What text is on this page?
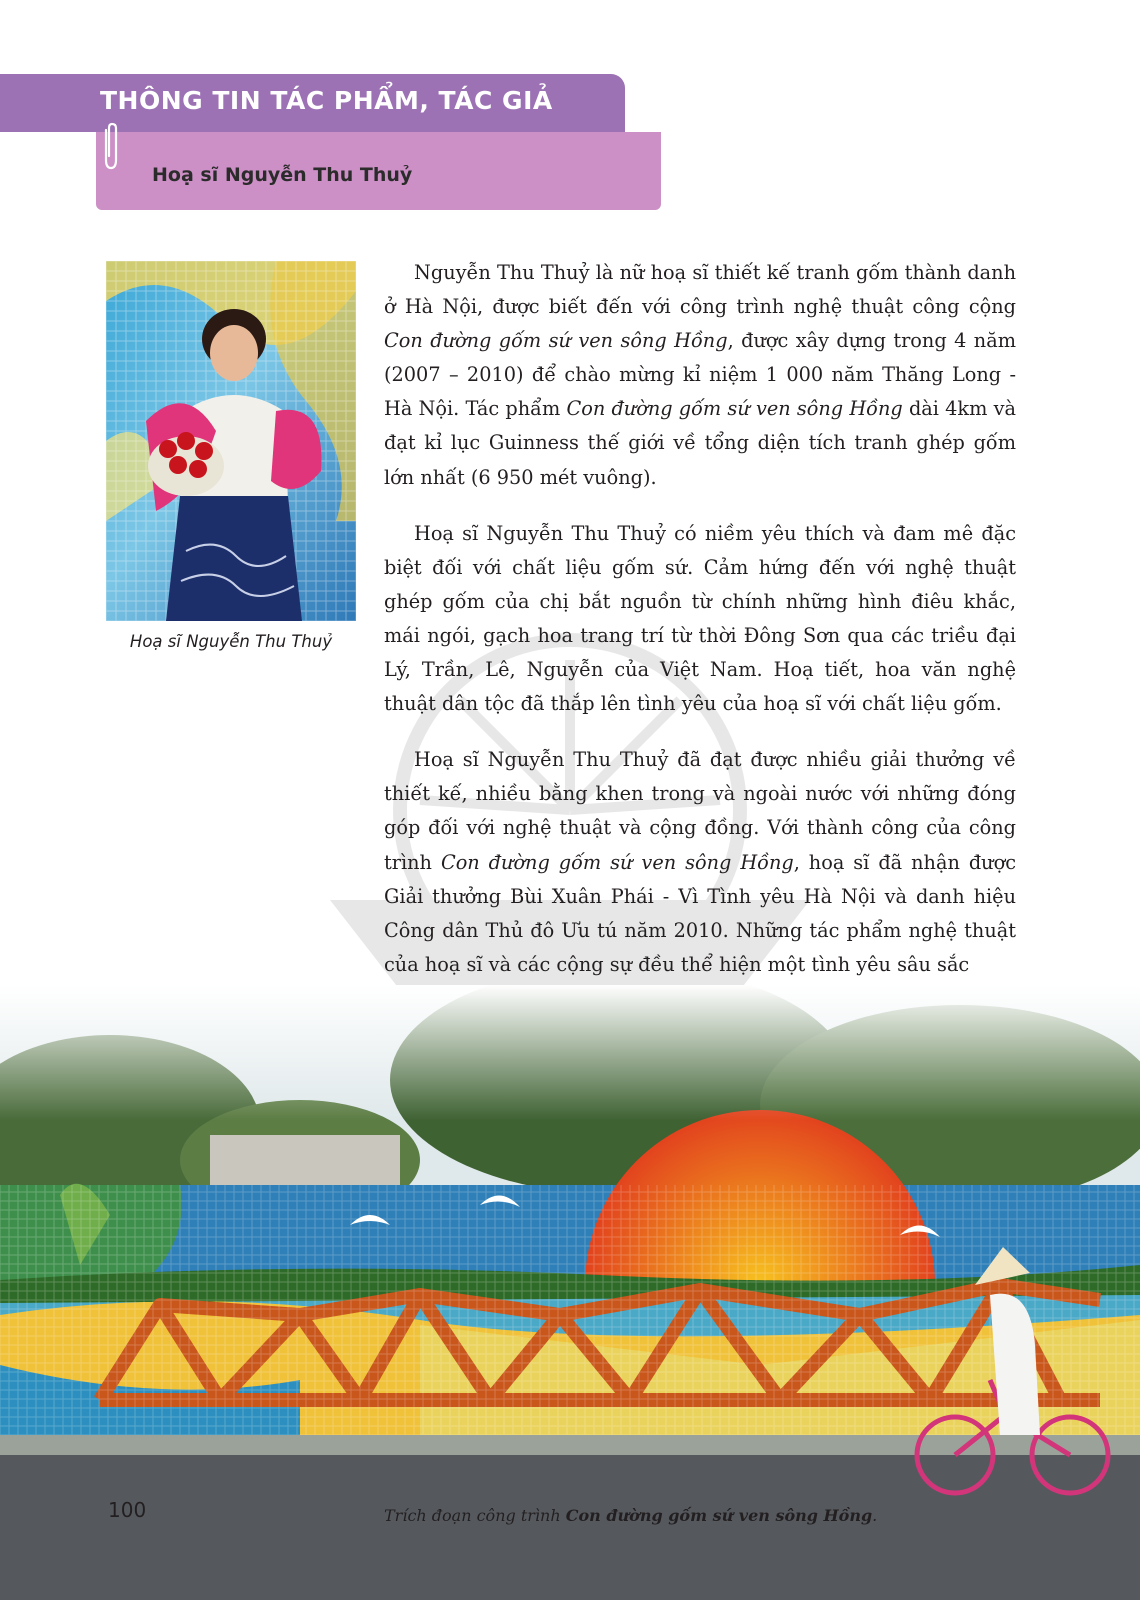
THÔNG TIN TÁC PHẨM, TÁC GIẢ
Hoạ sĩ Nguyễn Thu Thuỷ

Hoạ sĩ Nguyễn Thu Thuỷ

Nguyễn Thu Thuỷ là nữ hoạ sĩ thiết kế tranh gốm thành danh ở Hà Nội, được biết đến với công trình nghệ thuật công cộng Con đường gốm sứ ven sông Hồng, được xây dựng trong 4 năm (2007 – 2010) để chào mừng kỉ niệm 1 000 năm Thăng Long - Hà Nội. Tác phẩm Con đường gốm sứ ven sông Hồng dài 4km và đạt kỉ lục Guinness thế giới về tổng diện tích tranh ghép gốm lớn nhất (6 950 mét vuông).

Hoạ sĩ Nguyễn Thu Thuỷ có niềm yêu thích và đam mê đặc biệt đối với chất liệu gốm sứ. Cảm hứng đến với nghệ thuật ghép gốm của chị bắt nguồn từ chính những hình điêu khắc, mái ngói, gạch hoa trang trí từ thời Đông Sơn qua các triều đại Lý, Trần, Lê, Nguyễn của Việt Nam. Hoạ tiết, hoa văn nghệ thuật dân tộc đã thắp lên tình yêu của hoạ sĩ với chất liệu gốm.

Hoạ sĩ Nguyễn Thu Thuỷ đã đạt được nhiều giải thưởng về thiết kế, nhiều bằng khen trong và ngoài nước với những đóng góp đối với nghệ thuật và cộng đồng. Với thành công của công trình Con đường gốm sứ ven sông Hồng, hoạ sĩ đã nhận được Giải thưởng Bùi Xuân Phái - Vì Tình yêu Hà Nội và danh hiệu Công dân Thủ đô Ưu tú năm 2010. Những tác phẩm nghệ thuật của hoạ sĩ và các cộng sự đều thể hiện một tình yêu sâu sắc

100	Trích đoạn công trình Con đường gốm sứ ven sông Hồng.
